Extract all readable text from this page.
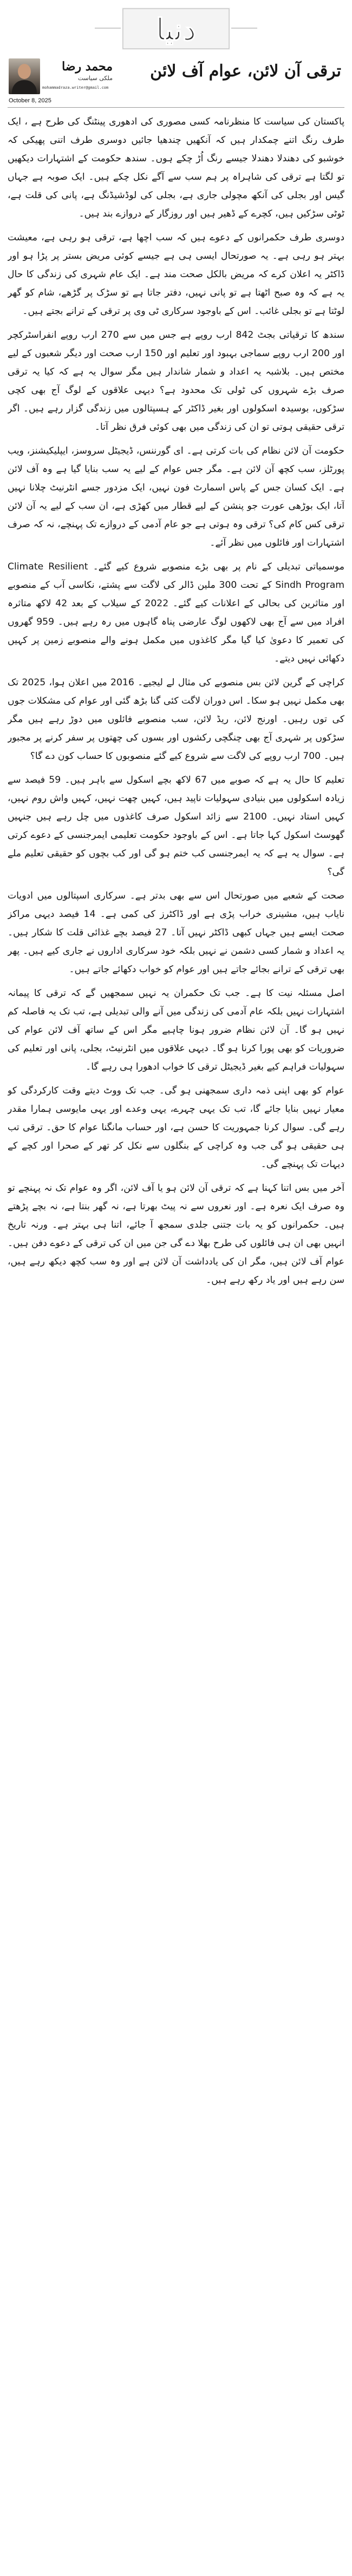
دنیا
محمد رضا
ملکی سیاست
mohammadraza.writer@gmail.com
ترقی آن لائن، عوام آف لائن
October 8, 2025

پاکستان کی سیاست کا منظرنامہ کسی مصوری کی ادھوری پینٹنگ کی طرح ہے ، ایک طرف رنگ اتنے چمکدار ہیں کہ آنکھیں چندھیا جائیں دوسری طرف اتنی پھیکی کہ خوشبو کی دھندلا دھندلا جیسے رنگ اُڑ چکے ہوں۔ سندھ حکومت کے اشتہارات دیکھیں تو لگتا ہے ترقی کی شاہراہ پر ہم سب سے آگے نکل چکے ہیں۔ ایک صوبہ ہے جہاں گیس اور بجلی کی آنکھ مچولی جاری ہے، بجلی کی لوڈشیڈنگ ہے، پانی کی قلت ہے، ٹوٹی سڑکیں ہیں، کچرے کے ڈھیر ہیں اور روزگار کے دروازے بند ہیں۔

دوسری طرف حکمرانوں کے دعوے ہیں کہ سب اچھا ہے، ترقی ہو رہی ہے، معیشت بہتر ہو رہی ہے۔ یہ صورتحال ایسی ہی ہے جیسے کوئی مریض بستر پر پڑا ہو اور ڈاکٹر یہ اعلان کرے کہ مریض بالکل صحت مند ہے۔ ایک عام شہری کی زندگی کا حال یہ ہے کہ وہ صبح اٹھتا ہے تو پانی نہیں، دفتر جاتا ہے تو سڑک پر گڑھے، شام کو گھر لوٹتا ہے تو بجلی غائب۔ اس کے باوجود سرکاری ٹی وی پر ترقی کے ترانے بجتے ہیں۔

سندھ کا ترقیاتی بجٹ 842 ارب روپے ہے جس میں سے 270 ارب روپے انفراسٹرکچر اور 200 ارب روپے سماجی بہبود اور تعلیم اور 150 ارب صحت اور دیگر شعبوں کے لیے مختص ہیں۔ بلاشبہ یہ اعداد و شمار شاندار ہیں مگر سوال یہ ہے کہ کیا یہ ترقی صرف بڑے شہروں کی ٹولی تک محدود ہے؟ دیہی علاقوں کے لوگ آج بھی کچی سڑکوں، بوسیدہ اسکولوں اور بغیر ڈاکٹر کے ہسپتالوں میں زندگی گزار رہے ہیں۔ اگر ترقی حقیقی ہوتی تو ان کی زندگی میں بھی کوئی فرق نظر آتا۔

حکومت آن لائن نظام کی بات کرتی ہے۔ ای گورننس، ڈیجیٹل سروسز، ایپلیکیشنز، ویب پورٹلز، سب کچھ آن لائن ہے۔ مگر جس عوام کے لیے یہ سب بنایا گیا ہے وہ آف لائن ہے۔ ایک کسان جس کے پاس اسمارٹ فون نہیں، ایک مزدور جسے انٹرنیٹ چلانا نہیں آتا، ایک بوڑھی عورت جو پنشن کے لیے قطار میں کھڑی ہے، ان سب کے لیے یہ آن لائن ترقی کس کام کی؟ ترقی وہ ہوتی ہے جو عام آدمی کے دروازے تک پہنچے، نہ کہ صرف اشتہارات اور فائلوں میں نظر آئے۔

موسمیاتی تبدیلی کے نام پر بھی بڑے منصوبے شروع کیے گئے۔ Climate Resilient Sindh Program کے تحت 300 ملین ڈالر کی لاگت سے پشتے، نکاسی آب کے منصوبے اور متاثرین کی بحالی کے اعلانات کیے گئے۔ 2022 کے سیلاب کے بعد 42 لاکھ متاثرہ افراد میں سے آج بھی لاکھوں لوگ عارضی پناہ گاہوں میں رہ رہے ہیں۔ 959 گھروں کی تعمیر کا دعویٰ کیا گیا مگر کاغذوں میں مکمل ہونے والے منصوبے زمین پر کہیں دکھائی نہیں دیتے۔

کراچی کے گرین لائن بس منصوبے کی مثال لے لیجیے۔ 2016 میں اعلان ہوا، 2025 تک بھی مکمل نہیں ہو سکا۔ اس دوران لاگت کئی گنا بڑھ گئی اور عوام کی مشکلات جوں کی توں رہیں۔ اورنج لائن، ریڈ لائن، سب منصوبے فائلوں میں دوڑ رہے ہیں مگر سڑکوں پر شہری آج بھی چنگچی رکشوں اور بسوں کی چھتوں پر سفر کرنے پر مجبور ہیں۔ 700 ارب روپے کی لاگت سے شروع کیے گئے منصوبوں کا حساب کون دے گا؟

تعلیم کا حال یہ ہے کہ صوبے میں 67 لاکھ بچے اسکول سے باہر ہیں۔ 59 فیصد سے زیادہ اسکولوں میں بنیادی سہولیات ناپید ہیں، کہیں چھت نہیں، کہیں واش روم نہیں، کہیں استاد نہیں۔ 2100 سے زائد اسکول صرف کاغذوں میں چل رہے ہیں جنہیں گھوسٹ اسکول کہا جاتا ہے۔ اس کے باوجود حکومت تعلیمی ایمرجنسی کے دعوے کرتی ہے۔ سوال یہ ہے کہ یہ ایمرجنسی کب ختم ہو گی اور کب بچوں کو حقیقی تعلیم ملے گی؟

صحت کے شعبے میں صورتحال اس سے بھی بدتر ہے۔ سرکاری اسپتالوں میں ادویات نایاب ہیں، مشینری خراب پڑی ہے اور ڈاکٹرز کی کمی ہے۔ 14 فیصد دیہی مراکز صحت ایسے ہیں جہاں کبھی ڈاکٹر نہیں آتا۔ 27 فیصد بچے غذائی قلت کا شکار ہیں۔ یہ اعداد و شمار کسی دشمن نے نہیں بلکہ خود سرکاری اداروں نے جاری کیے ہیں۔ پھر بھی ترقی کے ترانے بجائے جاتے ہیں اور عوام کو خواب دکھائے جاتے ہیں۔

اصل مسئلہ نیت کا ہے۔ جب تک حکمران یہ نہیں سمجھیں گے کہ ترقی کا پیمانہ اشتہارات نہیں بلکہ عام آدمی کی زندگی میں آنے والی تبدیلی ہے، تب تک یہ فاصلہ کم نہیں ہو گا۔ آن لائن نظام ضرور ہونا چاہیے مگر اس کے ساتھ آف لائن عوام کی ضروریات کو بھی پورا کرنا ہو گا۔ دیہی علاقوں میں انٹرنیٹ، بجلی، پانی اور تعلیم کی سہولیات فراہم کیے بغیر ڈیجیٹل ترقی کا خواب ادھورا ہی رہے گا۔

عوام کو بھی اپنی ذمہ داری سمجھنی ہو گی۔ جب تک ووٹ دیتے وقت کارکردگی کو معیار نہیں بنایا جائے گا، تب تک یہی چہرے، یہی وعدے اور یہی مایوسی ہمارا مقدر رہے گی۔ سوال کرنا جمہوریت کا حسن ہے، اور حساب مانگنا عوام کا حق۔ ترقی تب ہی حقیقی ہو گی جب وہ کراچی کے بنگلوں سے نکل کر تھر کے صحرا اور کچے کے دیہات تک پہنچے گی۔

آخر میں بس اتنا کہنا ہے کہ ترقی آن لائن ہو یا آف لائن، اگر وہ عوام تک نہ پہنچے تو وہ صرف ایک نعرہ ہے۔ اور نعروں سے نہ پیٹ بھرتا ہے، نہ گھر بنتا ہے، نہ بچے پڑھتے ہیں۔ حکمرانوں کو یہ بات جتنی جلدی سمجھ آ جائے، اتنا ہی بہتر ہے۔ ورنہ تاریخ انہیں بھی ان ہی فائلوں کی طرح بھلا دے گی جن میں ان کی ترقی کے دعوے دفن ہیں۔ عوام آف لائن ہیں، مگر ان کی یادداشت آن لائن ہے اور وہ سب کچھ دیکھ رہے ہیں، سن رہے ہیں اور یاد رکھ رہے ہیں۔
